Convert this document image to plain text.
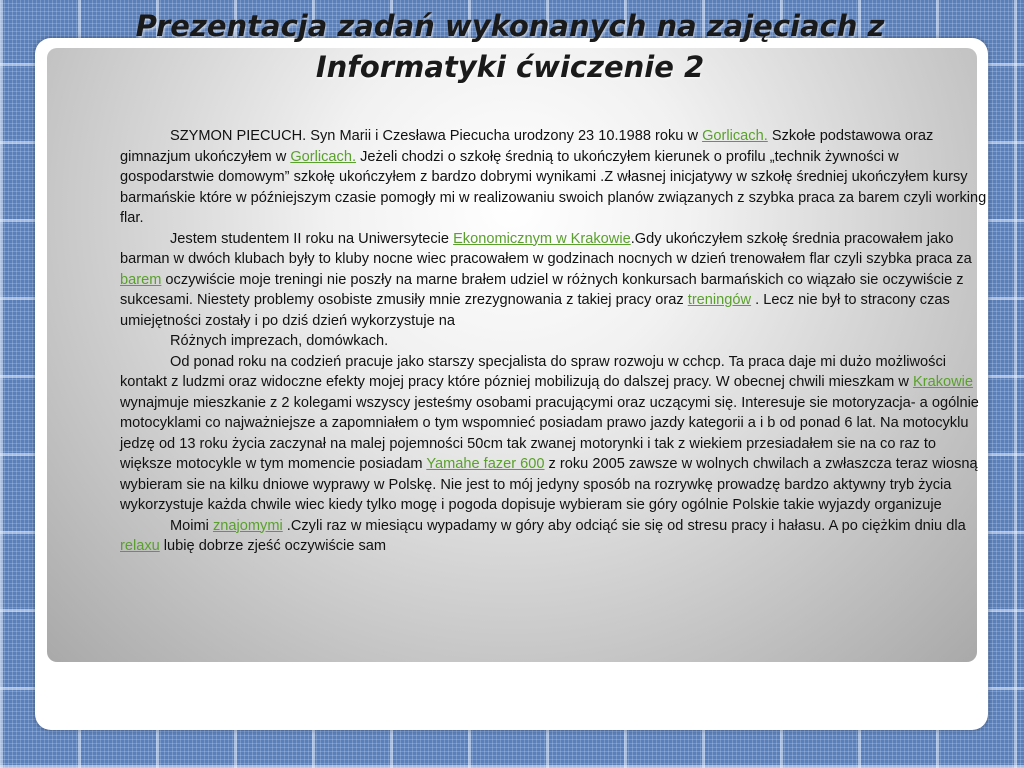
Prezentacja zadań wykonanych na zajęciach z
Informatyki ćwiczenie 2

SZYMON PIECUCH. Syn Marii i Czesława Piecucha urodzony 23 10.1988 roku w Gorlicach. Szkołe podstawowa oraz gimnazjum ukończyłem w Gorlicach. Jeżeli chodzi o szkołę średnią to ukończyłem kierunek o profilu „technik żywności w gospodarstwie domowym” szkołę ukończyłem z bardzo dobrymi wynikami .Z własnej inicjatywy w szkołę średniej ukończyłem kursy barmańskie które w późniejszym czasie pomogły mi w realizowaniu swoich planów związanych z szybka praca za barem czyli working flar.

Jestem studentem II roku na Uniwersytecie Ekonomicznym w Krakowie.Gdy ukończyłem szkołę średnia pracowałem jako barman w dwóch klubach były to kluby nocne wiec pracowałem w godzinach nocnych w dzień trenowałem flar czyli szybka praca za barem oczywiście moje treningi nie poszły na marne brałem udziel w różnych konkursach barmańskich co wiązało sie oczywiście z sukcesami. Niestety problemy osobiste zmusiły mnie zrezygnowania z takiej pracy oraz treningów . Lecz nie był to stracony czas umiejętności zostały i po dziś dzień wykorzystuje na

Różnych imprezach, domówkach.

Od ponad roku na codzień pracuje jako starszy specjalista do spraw rozwoju w cchcp. Ta praca daje mi dużo możliwości kontakt z ludzmi oraz widoczne efekty mojej pracy które pózniej mobilizują do dalszej pracy. W obecnej chwili mieszkam w Krakowie wynajmuje mieszkanie z 2 kolegami wszyscy jesteśmy osobami pracującymi oraz uczącymi się. Interesuje sie motoryzacja- a ogólnie motocyklami co najważniejsze a zapomniałem o tym wspomnieć posiadam prawo jazdy kategorii a i b od ponad 6 lat. Na motocyklu jedzę od 13 roku życia zaczynał na malej pojemności 50cm tak zwanej motorynki i tak z wiekiem przesiadałem sie na co raz to większe motocykle w tym momencie posiadam Yamahe fazer 600 z roku 2005 zawsze w wolnych chwilach a zwłaszcza teraz wiosną wybieram sie na kilku dniowe wyprawy w Polskę. Nie jest to mój jedyny sposób na rozrywkę prowadzę bardzo aktywny tryb życia wykorzystuje każda chwile wiec kiedy tylko mogę i pogoda dopisuje wybieram sie góry ogólnie Polskie takie wyjazdy organizuje

Moimi znajomymi .Czyli raz w miesiącu wypadamy w góry aby odciąć sie się od stresu pracy i hałasu. A po ciężkim dniu dla relaxu lubię dobrze zjeść oczywiście sam
